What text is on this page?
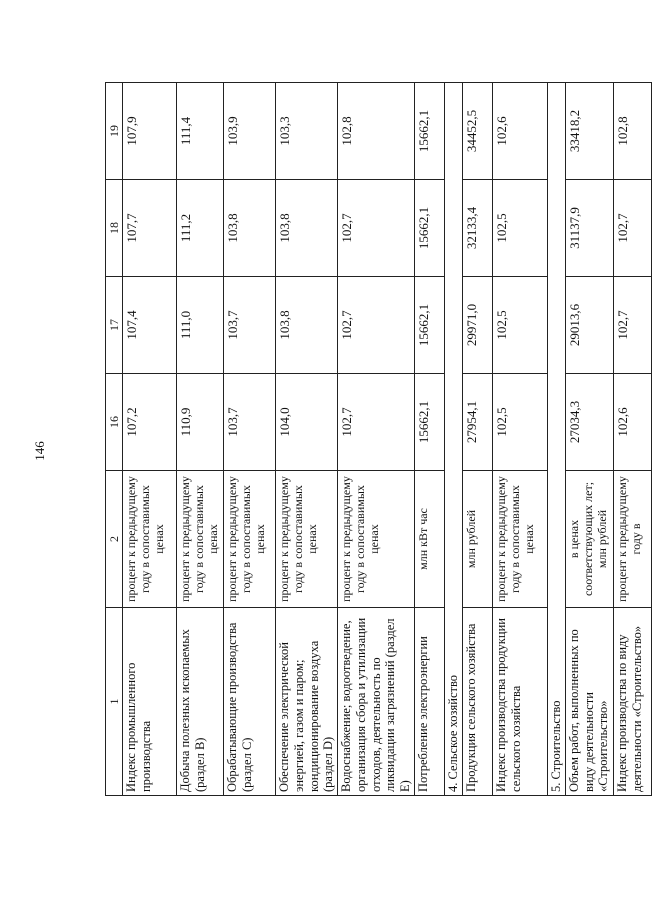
146
1	2	16	17	18	19
Индекс промышленного производства	процент к предыдущему году в сопоставимых ценах	107,2	107,4	107,7	107,9
Добыча полезных ископаемых (раздел В)	процент к предыдущему году в сопоставимых ценах	110,9	111,0	111,2	111,4
Обрабатывающие производства (раздел С)	процент к предыдущему году в сопоставимых ценах	103,7	103,7	103,8	103,9
Обеспечение электрической энергией, газом и паром; кондиционирование воздуха (раздел D)	процент к предыдущему году в сопоставимых ценах	104,0	103,8	103,8	103,3
Водоснабжение; водоотведение, организация сбора и утилизации отходов, деятельность по ликвидации загрязнений (раздел Е)	процент к предыдущему году в сопоставимых ценах	102,7	102,7	102,7	102,8
Потребление электроэнергии	млн кВт час	15662,1	15662,1	15662,1	15662,1
4. Сельское хозяйство					
Продукция сельского хозяйства	млн рублей	27954,1	29971,0	32133,4	34452,5
Индекс производства продукции сельского хозяйства	процент к предыдущему году в сопоставимых ценах	102,5	102,5	102,5	102,6
5. Строительство					
Объем работ, выполненных по виду деятельности «Строительство»	в ценах соответствующих лет; млн рублей	27034,3	29013,6	31137,9	33418,2
Индекс производства по виду деятельности «Строительство»	процент к предыдущему году в	102,6	102,7	102,7	102,8
